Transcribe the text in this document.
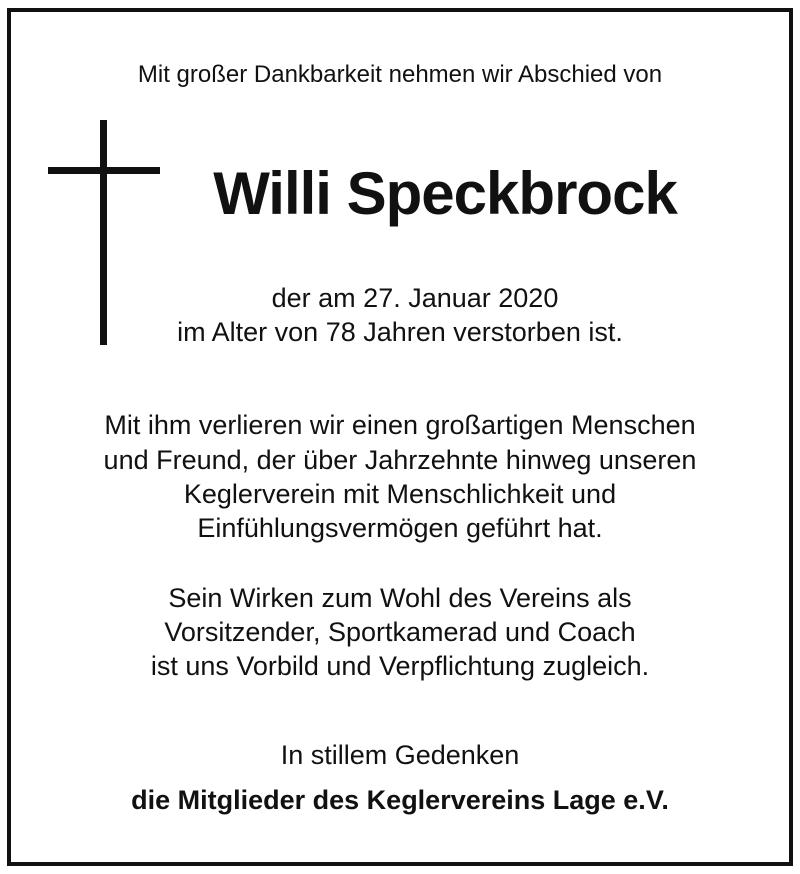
Mit großer Dankbarkeit nehmen wir Abschied von
Willi Speckbrock
der am 27. Januar 2020
im Alter von 78 Jahren verstorben ist.
Mit ihm verlieren wir einen großartigen Menschen
und Freund, der über Jahrzehnte hinweg unseren
Keglerverein mit Menschlichkeit und
Einfühlungsvermögen geführt hat.
Sein Wirken zum Wohl des Vereins als
Vorsitzender, Sportkamerad und Coach
ist uns Vorbild und Verpflichtung zugleich.
In stillem Gedenken
die Mitglieder des Keglervereins Lage e.V.
